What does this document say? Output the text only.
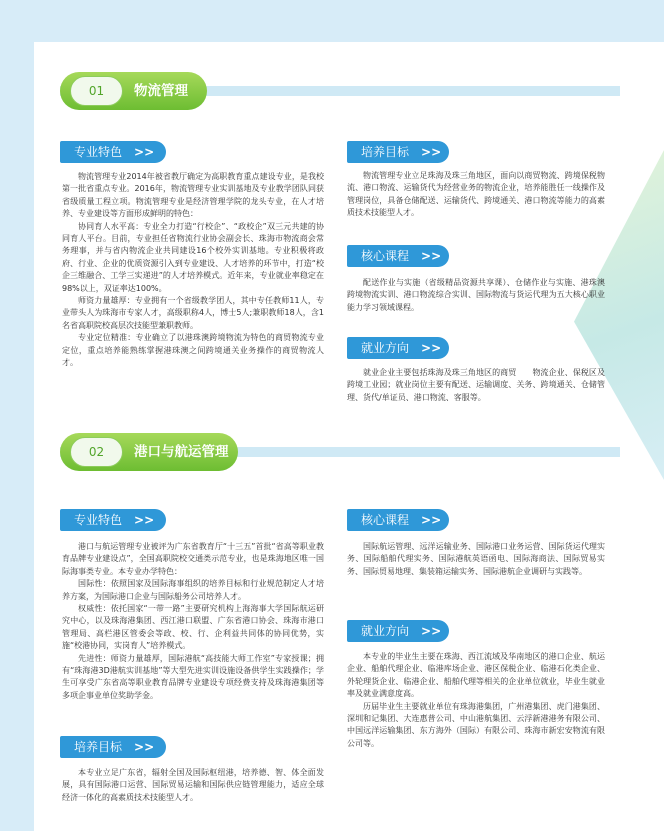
01	物流管理
专业特色 >>

物流管理专业2014年被省教厅确定为高职教育重点建设专业，是我校第一批省重点专业。2016年，物流管理专业实训基地及专业教学团队同获省级质量工程立项。物流管理专业是经济管理学院的龙头专业，在人才培养、专业建设等方面形成鲜明的特色：

协同育人水平高：专业全力打造“行校企”、“政校企”双三元共建的协同育人平台。目前，专业担任省物流行业协会副会长、珠海市物流商会常务理事，并与省内物流企业共同建设16个校外实训基地。专业积极将政府、行业、企业的优质资源引入到专业建设、人才培养的环节中，打造“校企三维融合、工学三实递进”的人才培养模式。近年来，专业就业率稳定在98%以上，双证率达100%。

师资力量雄厚：专业拥有一个省级教学团人，其中专任教师11人，专业带头人为珠海市专家人才，高级职称4人，博士5人;兼职教师18人，含1名省高职院校高层次技能型兼职教师。

专业定位精准：专业确立了以港珠澳跨境物流为特色的商贸物流专业定位，重点培养能熟练掌握港珠澳之间跨境通关业务操作的商贸物流人才。

培养目标 >>

物流管理专业立足珠海及珠三角地区，面向以商贸物流、跨境保税物流、港口物流、运输货代为经营业务的物流企业，培养能胜任一线操作及管理岗位，具备仓储配送、运输货代、跨境通关、港口物流等能力的高素质技术技能型人才。

核心课程 >>

配送作业与实施（省级精品资源共享课）、仓储作业与实施、港珠澳跨境物流实训、港口物流综合实训、国际物流与货运代理为五大核心职业能力学习领域课程。

就业方向 >>

就业企业主要包括珠海及珠三角地区的商贸　　物流企业、保税区及跨境工业园；就业岗位主要有配送、运输调度、关务、跨境通关、仓储管理、货代/单证员、港口物流、客服等。

02	港口与航运管理
专业特色 >>

港口与航运管理专业被评为广东省教育厅“十三五”首批“省高等职业教育品牌专业建设点”，全国高职院校交通类示范专业，也是珠海地区唯一国际海事类专业。本专业办学特色：

国际性：依照国家及国际海事组织的培养目标和行业规范制定人才培养方案，为国际港口企业与国际船务公司培养人才。

权威性：依托国家“一带一路”主要研究机构上海海事大学国际航运研究中心，以及珠海港集团、西江港口联盟、广东省港口协会、珠海市港口管理局、高栏港区管委会等政、校、行、企利益共同体的协同优势，实施“校港协同，实岗育人”培养模式。

先进性：师资力量雄厚，国际港航“高技能大师工作室”专家授课；拥有“珠海港3D港航实训基地”等大型先进实训设施设备供学生实践操作；学生可享受广东省高等职业教育品牌专业建设专项经费支持及珠海港集团等多项企事业单位奖助学金。

培养目标 >>

本专业立足广东省，辐射全国及国际枢纽港，培养德、智、体全面发展，具有国际港口运营、国际贸易运输和国际供应链管理能力，适应全球经济一体化的高素质技术技能型人才。

核心课程 >>

国际航运管理、远洋运输业务、国际港口业务运营、国际货运代理实务、国际船舶代理实务、国际港航英语函电、国际海商法、国际贸易实务、国际贸易地理、集装箱运输实务、国际港航企业调研与实践等。

就业方向 >>

本专业的毕业生主要在珠海、西江流域及华南地区的港口企业、航运企业、船舶代理企业、临港库场企业、港区保税企业、临港石化类企业、外轮理货企业、临港企业、船舶代理等相关的企业单位就业，毕业生就业率及就业满意度高。

历届毕业生主要就业单位有珠海港集团，广州港集团、虎门港集团、深圳和记集团、大连惠普公司、中山港航集团、云浮新港港务有限公司、中国远洋运输集团、东方海外（国际）有限公司、珠海市新宏安物流有限公司等。
